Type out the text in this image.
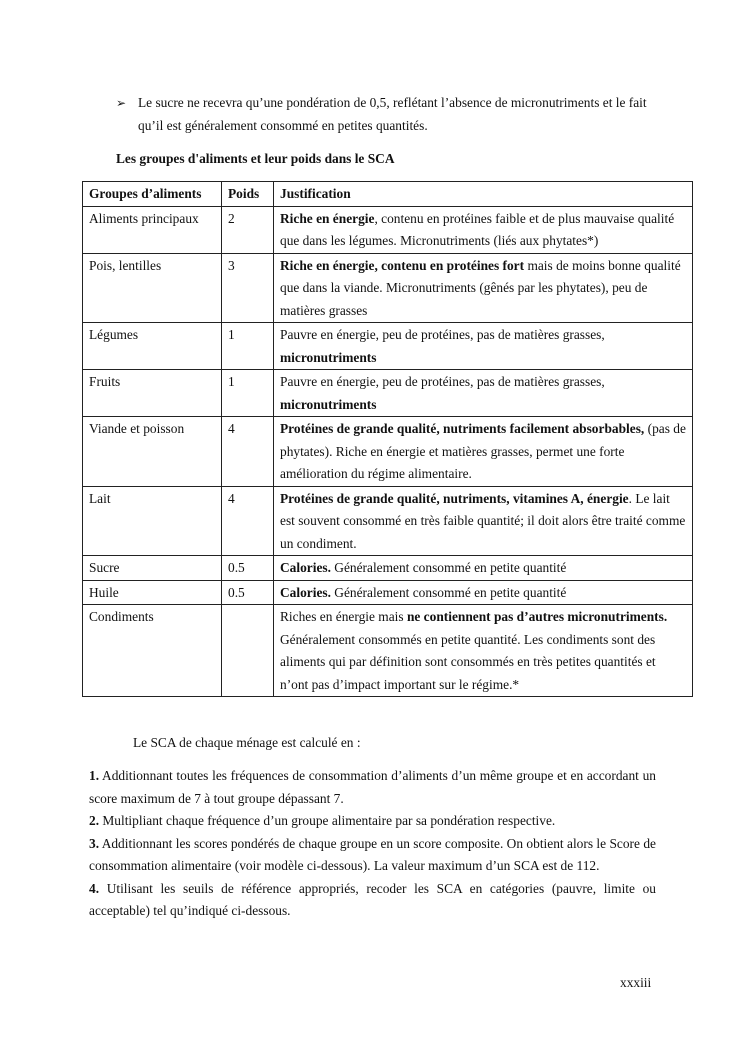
➢ Le sucre ne recevra qu’une pondération de 0,5, reflétant l’absence de micronutriments et le fait qu’il est généralement consommé en petites quantités.
Les groupes d'aliments et leur poids dans le SCA
Groupes d’aliments	Poids	Justification
Aliments principaux	2	Riche en énergie, contenu en protéines faible et de plus mauvaise qualité que dans les légumes. Micronutriments (liés aux phytates*)
Pois, lentilles	3	Riche en énergie, contenu en protéines fort mais de moins bonne qualité que dans la viande. Micronutriments (gênés par les phytates), peu de matières grasses
Légumes	1	Pauvre en énergie, peu de protéines, pas de matières grasses, micronutriments
Fruits	1	Pauvre en énergie, peu de protéines, pas de matières grasses, micronutriments
Viande et poisson	4	Protéines de grande qualité, nutriments facilement absorbables, (pas de phytates). Riche en énergie et matières grasses, permet une forte amélioration du régime alimentaire.
Lait	4	Protéines de grande qualité, nutriments, vitamines A, énergie. Le lait est souvent consommé en très faible quantité; il doit alors être traité comme un condiment.
Sucre	0.5	Calories. Généralement consommé en petite quantité
Huile	0.5	Calories. Généralement consommé en petite quantité
Condiments		Riches en énergie mais ne contiennent pas d’autres micronutriments. Généralement consommés en petite quantité. Les condiments sont des aliments qui par définition sont consommés en très petites quantités et n’ont pas d’impact important sur le régime.*
Le SCA de chaque ménage est calculé en :

1. Additionnant toutes les fréquences de consommation d’aliments d’un même groupe et en accordant un score maximum de 7 à tout groupe dépassant 7.

2. Multipliant chaque fréquence d’un groupe alimentaire par sa pondération respective.

3. Additionnant les scores pondérés de chaque groupe en un score composite. On obtient alors le Score de consommation alimentaire (voir modèle ci-dessous). La valeur maximum d’un SCA est de 112.

4. Utilisant les seuils de référence appropriés, recoder les SCA en catégories (pauvre, limite ou acceptable) tel qu’indiqué ci-dessous.

xxxiii
